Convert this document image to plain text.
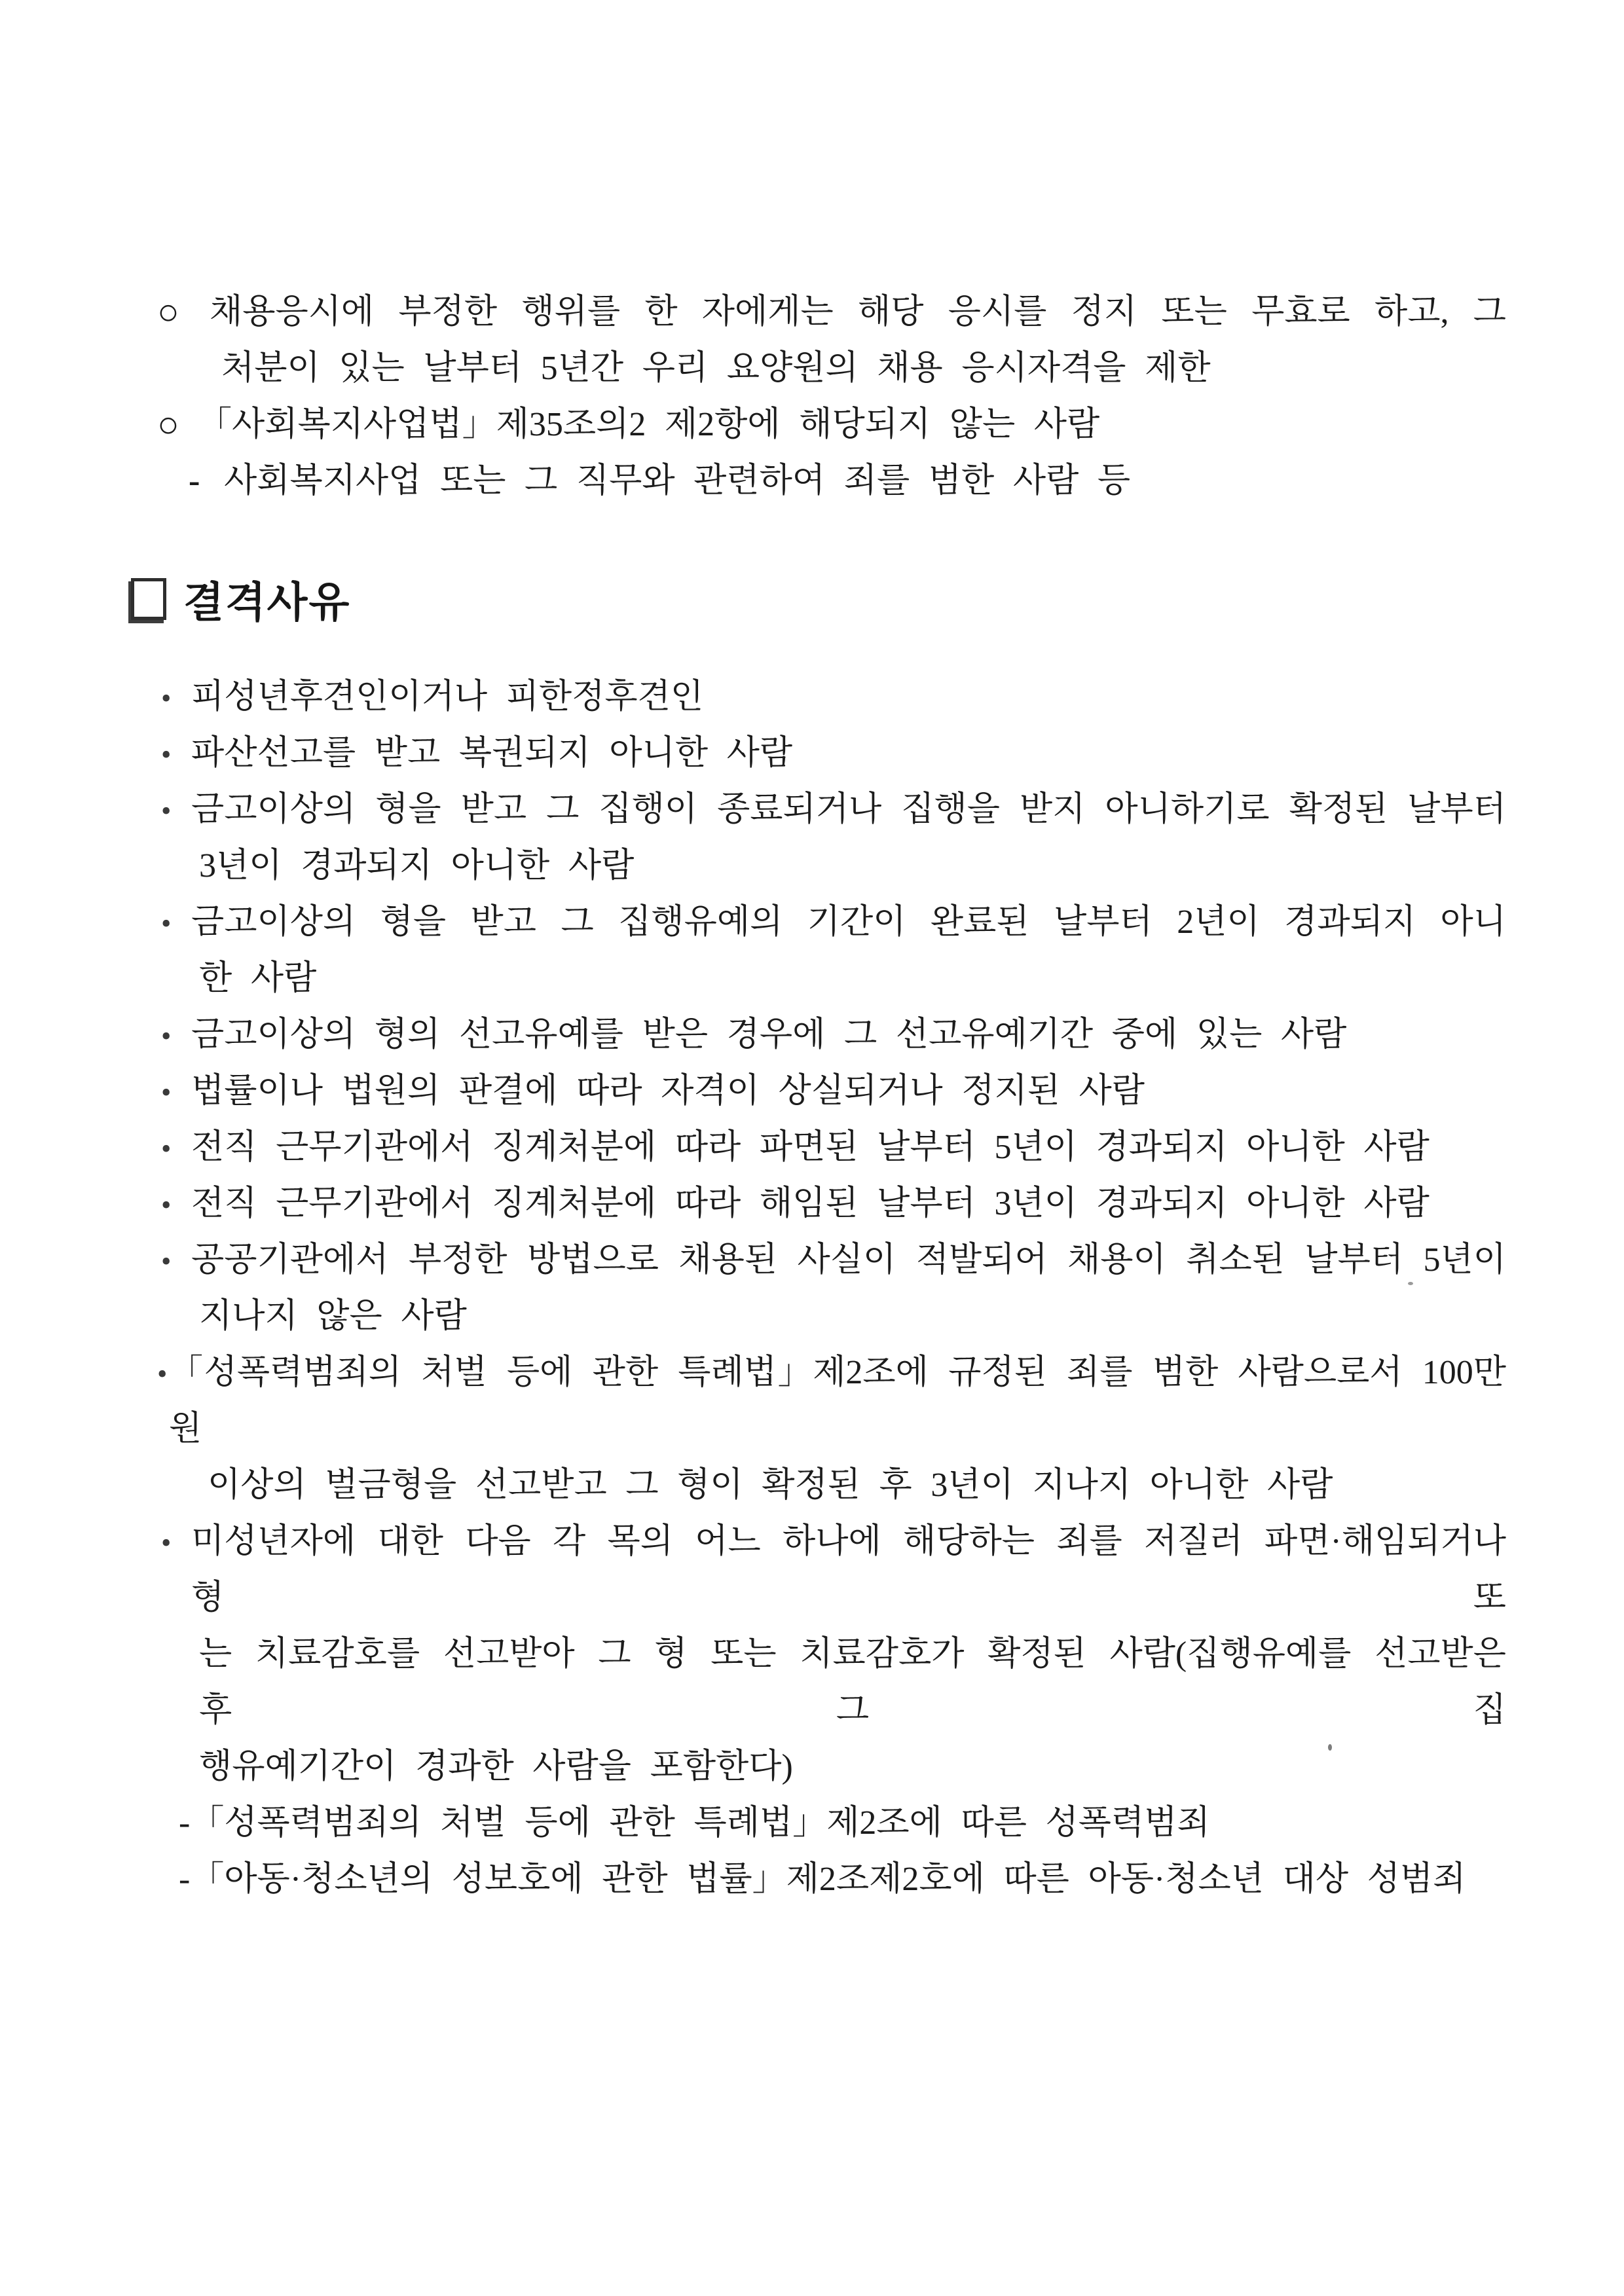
○ 채용응시에 부정한 행위를 한 자에게는 해당 응시를 정지 또는 무효로 하고, 그
처분이 있는 날부터 5년간 우리 요양원의 채용 응시자격을 제한
○ 「사회복지사업법」제35조의2 제2항에 해당되지 않는 사람
- 사회복지사업 또는 그 직무와 관련하여 죄를 범한 사람 등
결격사유
• 피성년후견인이거나 피한정후견인
• 파산선고를 받고 복권되지 아니한 사람
• 금고이상의 형을 받고 그 집행이 종료되거나 집행을 받지 아니하기로 확정된 날부터
3년이 경과되지 아니한 사람
• 금고이상의 형을 받고 그 집행유예의 기간이 완료된 날부터 2년이 경과되지 아니
한 사람
• 금고이상의 형의 선고유예를 받은 경우에 그 선고유예기간 중에 있는 사람
• 법률이나 법원의 판결에 따라 자격이 상실되거나 정지된 사람
• 전직 근무기관에서 징계처분에 따라 파면된 날부터 5년이 경과되지 아니한 사람
• 전직 근무기관에서 징계처분에 따라 해임된 날부터 3년이 경과되지 아니한 사람
• 공공기관에서 부정한 방법으로 채용된 사실이 적발되어 채용이 취소된 날부터 5년이
지나지 않은 사람
• 「성폭력범죄의 처벌 등에 관한 특례법」제2조에 규정된 죄를 범한 사람으로서 100만원
이상의 벌금형을 선고받고 그 형이 확정된 후 3년이 지나지 아니한 사람
• 미성년자에 대한 다음 각 목의 어느 하나에 해당하는 죄를 저질러 파면·해임되거나 형 또
는 치료감호를 선고받아 그 형 또는 치료감호가 확정된 사람(집행유예를 선고받은 후 그 집
행유예기간이 경과한 사람을 포함한다)
-「성폭력범죄의 처벌 등에 관한 특례법」제2조에 따른 성폭력범죄
-「아동·청소년의 성보호에 관한 법률」제2조제2호에 따른 아동·청소년 대상 성범죄
